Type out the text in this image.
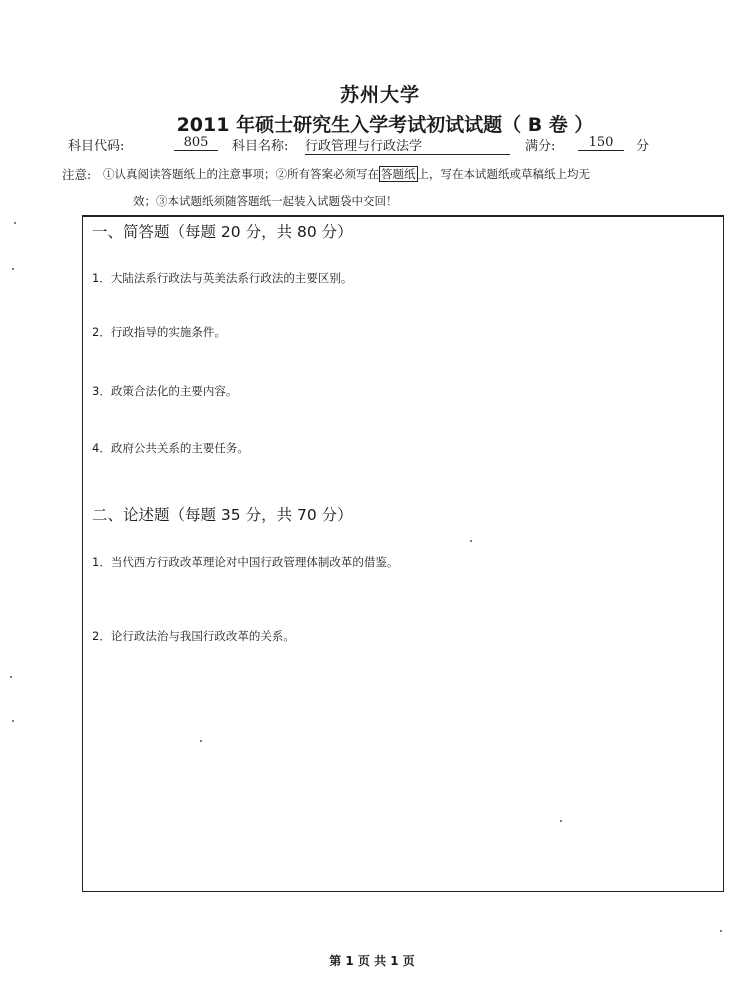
苏州大学
2011 年硕士研究生入学考试初试试题（ B 卷 ）
科目代码:	805	科目名称: 行政管理与行政法学	满分:	150	分
注意: ①认真阅读答题纸上的注意事项；②所有答案必须写在 答题纸 上，写在本试题纸或草稿纸上均无
效；③本试题纸须随答题纸一起装入试题袋中交回！
一、简答题（每题 20 分，共 80 分）
1．大陆法系行政法与英美法系行政法的主要区别。
2．行政指导的实施条件。
3．政策合法化的主要内容。
4．政府公共关系的主要任务。
二、论述题（每题 35 分，共 70 分）
1．当代西方行政改革理论对中国行政管理体制改革的借鉴。
2．论行政法治与我国行政改革的关系。
第 1 页 共 1 页
